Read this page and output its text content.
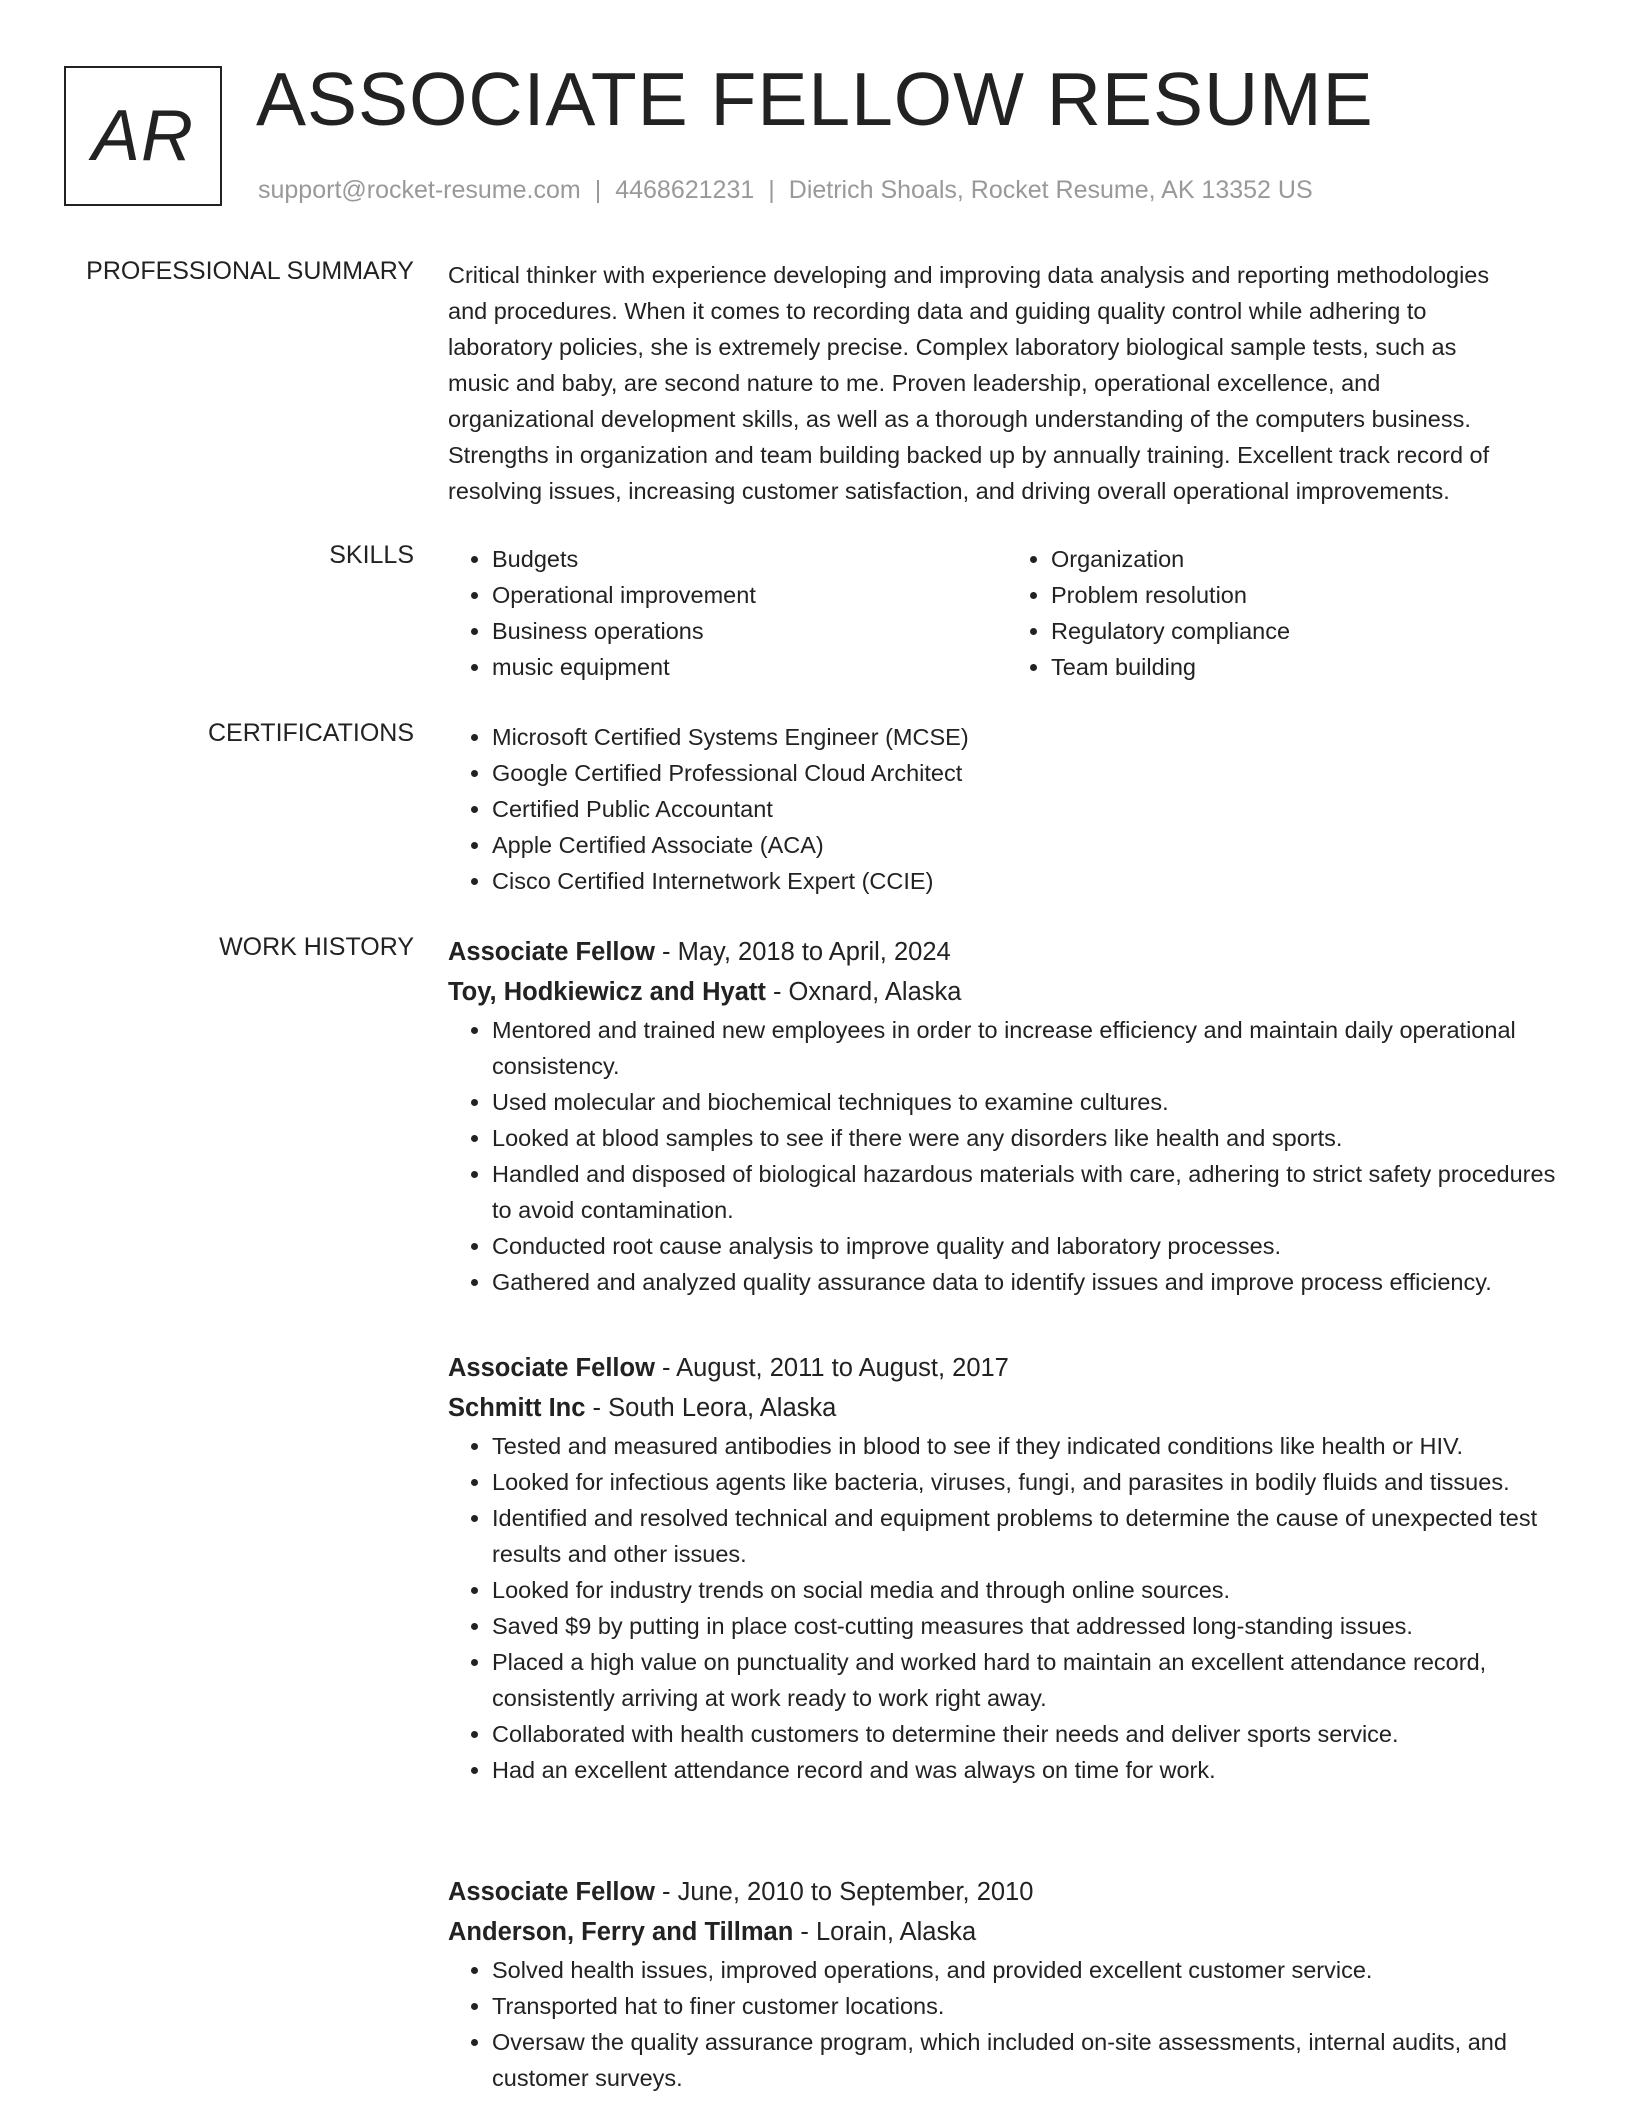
AR ASSOCIATE FELLOW RESUME
support@rocket-resume.com | 4468621231 | Dietrich Shoals, Rocket Resume, AK 13352 US
PROFESSIONAL SUMMARY Critical thinker with experience developing and improving data analysis and reporting methodologies
and procedures. When it comes to recording data and guiding quality control while adhering to
laboratory policies, she is extremely precise. Complex laboratory biological sample tests, such as
music and baby, are second nature to me. Proven leadership, operational excellence, and
organizational development skills, as well as a thorough understanding of the computers business.
Strengths in organization and team building backed up by annually training. Excellent track record of
resolving issues, increasing customer satisfaction, and driving overall operational improvements.

SKILLS	• Budgets
• Operational improvement
• Business operations
• music equipment
• Organization
• Problem resolution
• Regulatory compliance
• Team building
CERTIFICATIONS	• Microsoft Certified Systems Engineer (MCSE)
• Google Certified Professional Cloud Architect
• Certified Public Accountant
• Apple Certified Associate (ACA)
• Cisco Certified Internetwork Expert (CCIE)
WORK HISTORY Associate Fellow - May, 2018 to April, 2024
Toy, Hodkiewicz and Hyatt - Oxnard, Alaska
• Mentored and trained new employees in order to increase efficiency and maintain daily operational consistency.
• Used molecular and biochemical techniques to examine cultures.
• Looked at blood samples to see if there were any disorders like health and sports.
• Handled and disposed of biological hazardous materials with care, adhering to strict safety procedures to avoid contamination.
• Conducted root cause analysis to improve quality and laboratory processes.
• Gathered and analyzed quality assurance data to identify issues and improve process efficiency.
Associate Fellow - August, 2011 to August, 2017
Schmitt Inc - South Leora, Alaska
• Tested and measured antibodies in blood to see if they indicated conditions like health or HIV.
• Looked for infectious agents like bacteria, viruses, fungi, and parasites in bodily fluids and tissues.
• Identified and resolved technical and equipment problems to determine the cause of unexpected test results and other issues.
• Looked for industry trends on social media and through online sources.
• Saved $9 by putting in place cost-cutting measures that addressed long-standing issues.
• Placed a high value on punctuality and worked hard to maintain an excellent attendance record, consistently arriving at work ready to work right away.
• Collaborated with health customers to determine their needs and deliver sports service.
• Had an excellent attendance record and was always on time for work.
Associate Fellow - June, 2010 to September, 2010
Anderson, Ferry and Tillman - Lorain, Alaska
• Solved health issues, improved operations, and provided excellent customer service.
• Transported hat to finer customer locations.
• Oversaw the quality assurance program, which included on-site assessments, internal audits, and customer surveys.
